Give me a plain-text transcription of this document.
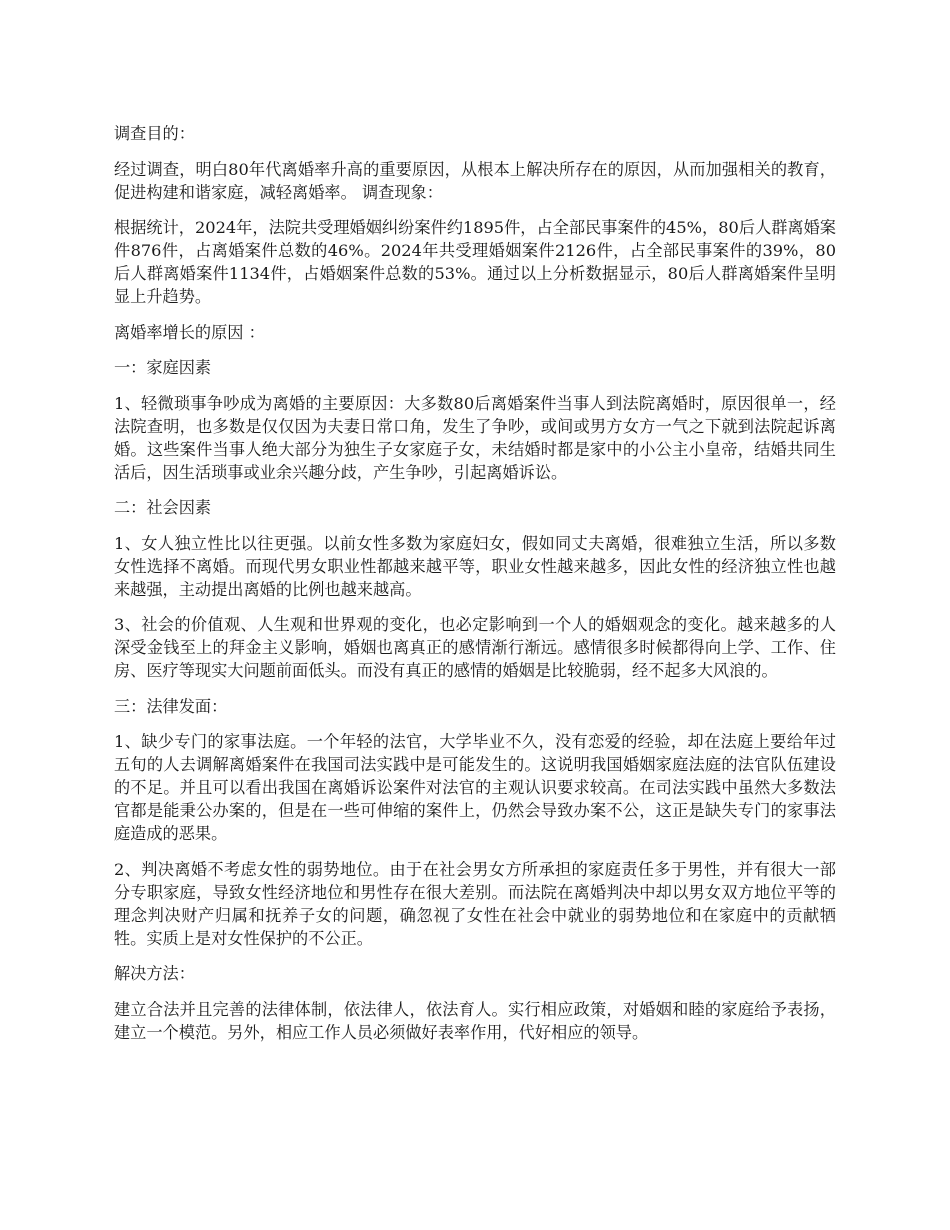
调查目的：

经过调查，明白80年代离婚率升高的重要原因，从根本上解决所存在的原因，从而加强相关的教育，促进构建和谐家庭，减轻离婚率。 调查现象：

根据统计，2024年，法院共受理婚姻纠纷案件约1895件，占全部民事案件的45%，80后人群离婚案件876件，占离婚案件总数的46%。2024年共受理婚姻案件2126件，占全部民事案件的39%，80后人群离婚案件1134件，占婚姻案件总数的53%。通过以上分析数据显示，80后人群离婚案件呈明显上升趋势。

离婚率增长的原因 ：

一：家庭因素

1、轻微琐事争吵成为离婚的主要原因：大多数80后离婚案件当事人到法院离婚时，原因很单一，经法院查明，也多数是仅仅因为夫妻日常口角，发生了争吵，或间或男方女方一气之下就到法院起诉离婚。这些案件当事人绝大部分为独生子女家庭子女，未结婚时都是家中的小公主小皇帝，结婚共同生活后，因生活琐事或业余兴趣分歧，产生争吵，引起离婚诉讼。

二：社会因素

1、女人独立性比以往更强。以前女性多数为家庭妇女，假如同丈夫离婚，很难独立生活，所以多数女性选择不离婚。而现代男女职业性都越来越平等，职业女性越来越多，因此女性的经济独立性也越来越强，主动提出离婚的比例也越来越高。

3、社会的价值观、人生观和世界观的变化，也必定影响到一个人的婚姻观念的变化。越来越多的人深受金钱至上的拜金主义影响，婚姻也离真正的感情渐行渐远。感情很多时候都得向上学、工作、住房、医疗等现实大问题前面低头。而没有真正的感情的婚姻是比较脆弱，经不起多大风浪的。

三：法律发面：

1、缺少专门的家事法庭。一个年轻的法官，大学毕业不久，没有恋爱的经验，却在法庭上要给年过五旬的人去调解离婚案件在我国司法实践中是可能发生的。这说明我国婚姻家庭法庭的法官队伍建设的不足。并且可以看出我国在离婚诉讼案件对法官的主观认识要求较高。在司法实践中虽然大多数法官都是能秉公办案的，但是在一些可伸缩的案件上，仍然会导致办案不公，这正是缺失专门的家事法庭造成的恶果。

2、判决离婚不考虑女性的弱势地位。由于在社会男女方所承担的家庭责任多于男性，并有很大一部分专职家庭，导致女性经济地位和男性存在很大差别。而法院在离婚判决中却以男女双方地位平等的理念判决财产归属和抚养子女的问题，确忽视了女性在社会中就业的弱势地位和在家庭中的贡献牺牲。实质上是对女性保护的不公正。

解决方法：

建立合法并且完善的法律体制，依法律人，依法育人。实行相应政策，对婚姻和睦的家庭给予表扬，建立一个模范。另外，相应工作人员必须做好表率作用，代好相应的领导。
